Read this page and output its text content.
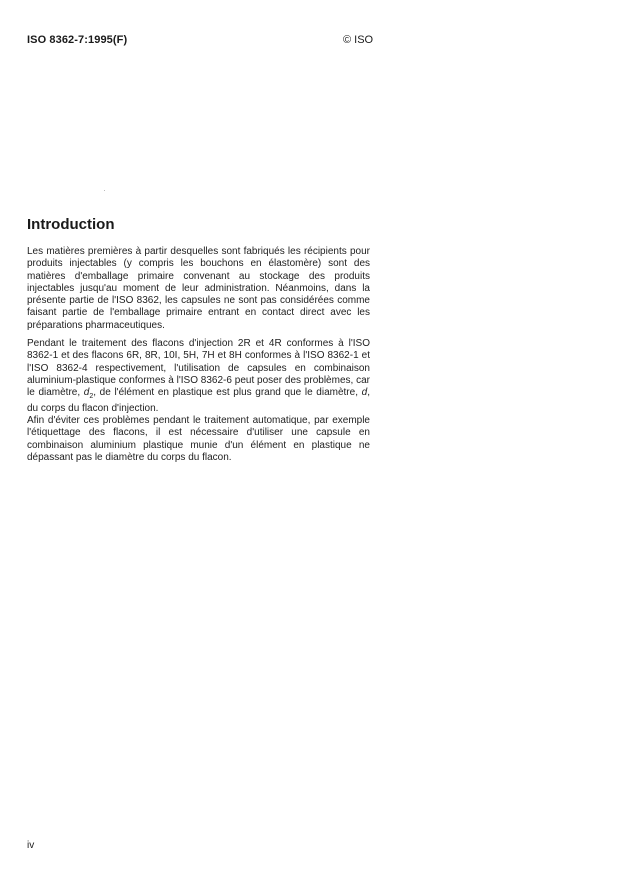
ISO 8362-7:1995(F)	© ISO
Introduction

Les matières premières à partir desquelles sont fabriqués les récipients pour produits injectables (y compris les bouchons en élastomère) sont des matières d'emballage primaire convenant au stockage des produits injectables jusqu'au moment de leur administration. Néanmoins, dans la présente partie de l'ISO 8362, les capsules ne sont pas considérées comme faisant partie de l'emballage primaire entrant en contact direct avec les préparations pharmaceutiques.

Pendant le traitement des flacons d'injection 2R et 4R conformes à l'ISO 8362-1 et des flacons 6R, 8R, 10I, 5H, 7H et 8H conformes à l'ISO 8362-1 et l'ISO 8362-4 respectivement, l'utilisation de capsules en combinaison aluminium-plastique conformes à l'ISO 8362-6 peut poser des problèmes, car le diamètre, $d_2$, de l'élément en plastique est plus grand que le diamètre, d, du corps du flacon d'injection.

Afin d'éviter ces problèmes pendant le traitement automatique, par exemple l'étiquettage des flacons, il est nécessaire d'utiliser une capsule en combinaison aluminium plastique munie d'un élément en plastique ne dépassant pas le diamètre du corps du flacon.

iv
